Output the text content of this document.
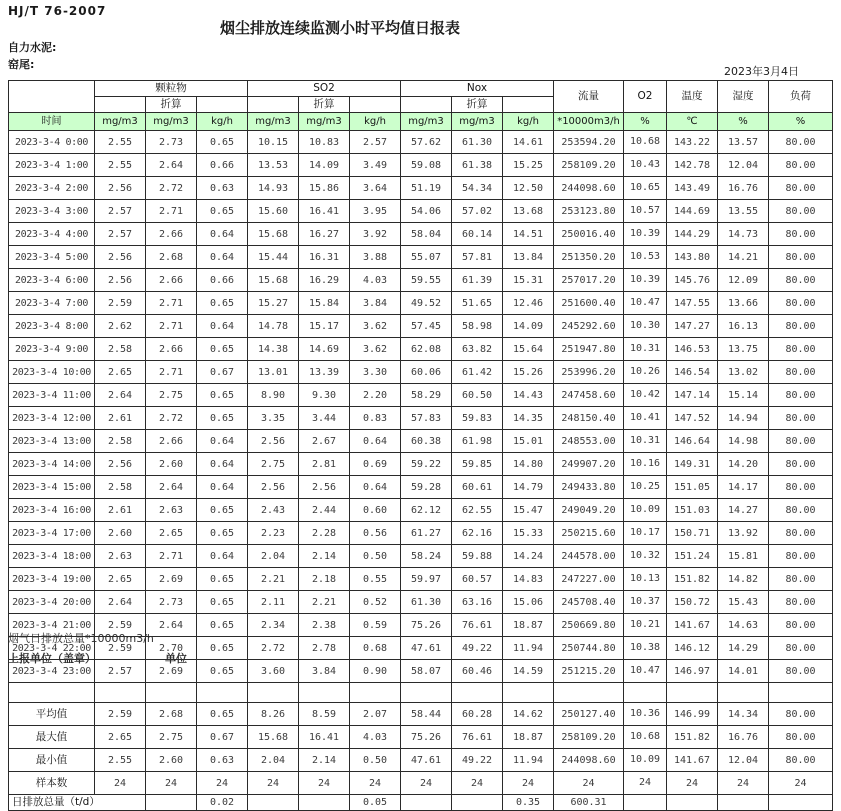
HJ/T 76-2007
烟尘排放连续监测小时平均值日报表
自力水泥:
窑尾:
2023年3月4日
	颗粒物			SO2			Nox			流量	O2	温度	湿度	负荷
		折算			折算			折算						
时间	mg/m3	mg/m3	kg/h	mg/m3	mg/m3	kg/h	mg/m3	mg/m3	kg/h	*10000m3/h	%	℃	%	%
2023-3-4 0:00	2.55	2.73	0.65	10.15	10.83	2.57	57.62	61.30	14.61	253594.20	10.68	143.22	13.57	80.00
2023-3-4 1:00	2.55	2.64	0.66	13.53	14.09	3.49	59.08	61.38	15.25	258109.20	10.43	142.78	12.04	80.00
2023-3-4 2:00	2.56	2.72	0.63	14.93	15.86	3.64	51.19	54.34	12.50	244098.60	10.65	143.49	16.76	80.00
2023-3-4 3:00	2.57	2.71	0.65	15.60	16.41	3.95	54.06	57.02	13.68	253123.80	10.57	144.69	13.55	80.00
2023-3-4 4:00	2.57	2.66	0.64	15.68	16.27	3.92	58.04	60.14	14.51	250016.40	10.39	144.29	14.73	80.00
2023-3-4 5:00	2.56	2.68	0.64	15.44	16.31	3.88	55.07	57.81	13.84	251350.20	10.53	143.80	14.21	80.00
2023-3-4 6:00	2.56	2.66	0.66	15.68	16.29	4.03	59.55	61.39	15.31	257017.20	10.39	145.76	12.09	80.00
2023-3-4 7:00	2.59	2.71	0.65	15.27	15.84	3.84	49.52	51.65	12.46	251600.40	10.47	147.55	13.66	80.00
2023-3-4 8:00	2.62	2.71	0.64	14.78	15.17	3.62	57.45	58.98	14.09	245292.60	10.30	147.27	16.13	80.00
2023-3-4 9:00	2.58	2.66	0.65	14.38	14.69	3.62	62.08	63.82	15.64	251947.80	10.31	146.53	13.75	80.00
2023-3-4 10:00	2.65	2.71	0.67	13.01	13.39	3.30	60.06	61.42	15.26	253996.20	10.26	146.54	13.02	80.00
2023-3-4 11:00	2.64	2.75	0.65	8.90	9.30	2.20	58.29	60.50	14.43	247458.60	10.42	147.14	15.14	80.00
2023-3-4 12:00	2.61	2.72	0.65	3.35	3.44	0.83	57.83	59.83	14.35	248150.40	10.41	147.52	14.94	80.00
2023-3-4 13:00	2.58	2.66	0.64	2.56	2.67	0.64	60.38	61.98	15.01	248553.00	10.31	146.64	14.98	80.00
2023-3-4 14:00	2.56	2.60	0.64	2.75	2.81	0.69	59.22	59.85	14.80	249907.20	10.16	149.31	14.20	80.00
2023-3-4 15:00	2.58	2.64	0.64	2.56	2.56	0.64	59.28	60.61	14.79	249433.80	10.25	151.05	14.17	80.00
2023-3-4 16:00	2.61	2.63	0.65	2.43	2.44	0.60	62.12	62.55	15.47	249049.20	10.09	151.03	14.27	80.00
2023-3-4 17:00	2.60	2.65	0.65	2.23	2.28	0.56	61.27	62.16	15.33	250215.60	10.17	150.71	13.92	80.00
2023-3-4 18:00	2.63	2.71	0.64	2.04	2.14	0.50	58.24	59.88	14.24	244578.00	10.32	151.24	15.81	80.00
2023-3-4 19:00	2.65	2.69	0.65	2.21	2.18	0.55	59.97	60.57	14.83	247227.00	10.13	151.82	14.82	80.00
2023-3-4 20:00	2.64	2.73	0.65	2.11	2.21	0.52	61.30	63.16	15.06	245708.40	10.37	150.72	15.43	80.00
2023-3-4 21:00	2.59	2.64	0.65	2.34	2.38	0.59	75.26	76.61	18.87	250669.80	10.21	141.67	14.63	80.00
2023-3-4 22:00	2.59	2.70	0.65	2.72	2.78	0.68	47.61	49.22	11.94	250744.80	10.38	146.12	14.29	80.00
2023-3-4 23:00	2.57	2.69	0.65	3.60	3.84	0.90	58.07	60.46	14.59	251215.20	10.47	146.97	14.01	80.00

平均值	2.59	2.68	0.65	8.26	8.59	2.07	58.44	60.28	14.62	250127.40	10.36	146.99	14.34	80.00
最大值	2.65	2.75	0.67	15.68	16.41	4.03	75.26	76.61	18.87	258109.20	10.68	151.82	16.76	80.00
最小值	2.55	2.60	0.63	2.04	2.14	0.50	47.61	49.22	11.94	244098.60	10.09	141.67	12.04	80.00
样本数	24	24	24	24	24	24	24	24	24	24	24	24	24	24
日排放总量（t/d）			0.02			0.05			0.35	600.31				
烟气日排放总量*10000m3/h
上报单位（盖章）	单位
